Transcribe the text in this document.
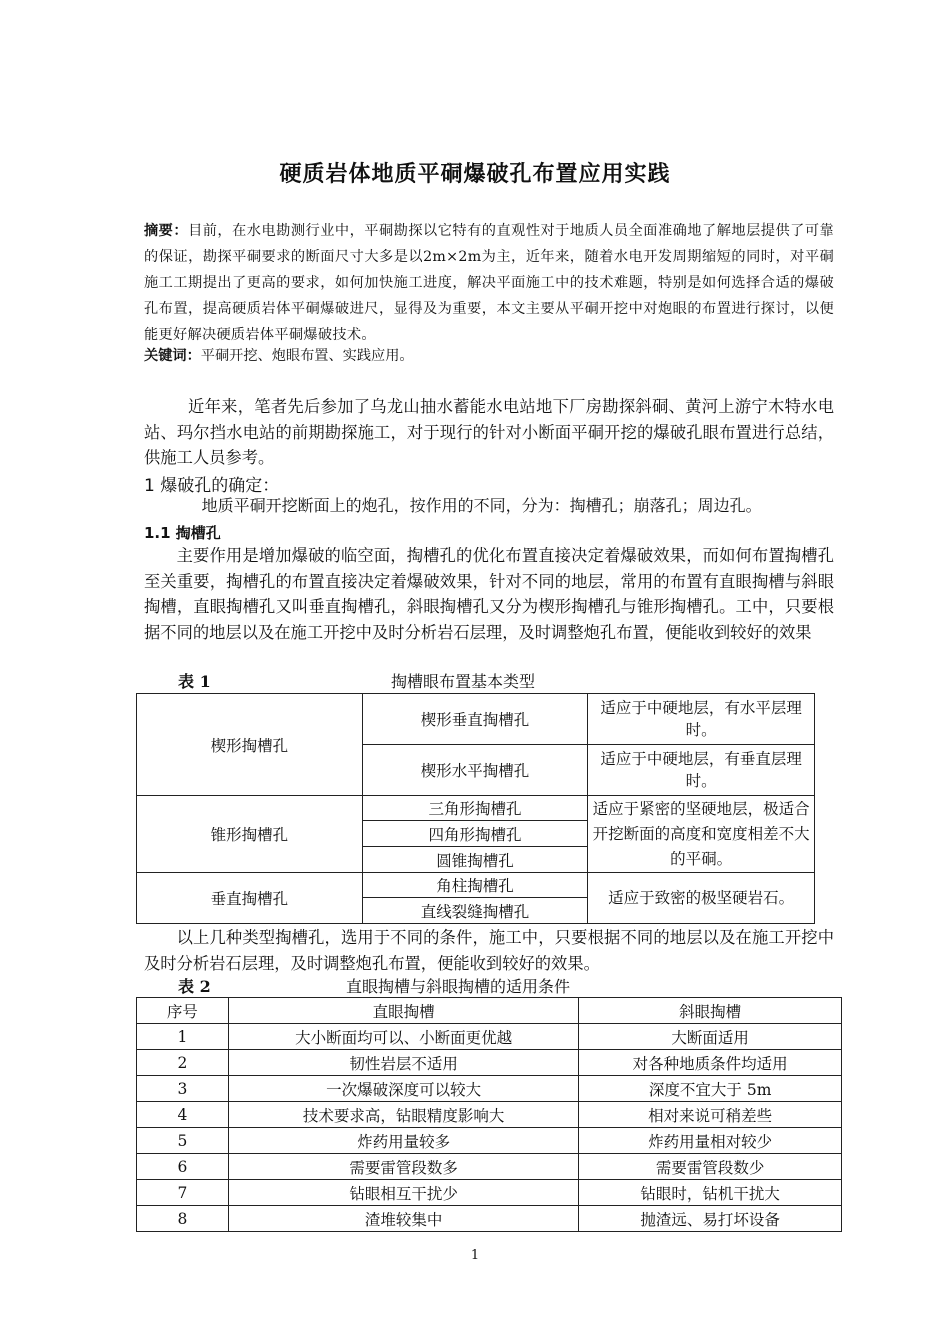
硬质岩体地质平硐爆破孔布置应用实践
摘要：目前，在水电勘测行业中，平硐勘探以它特有的直观性对于地质人员全面准确地了解地层提供了可靠的保证，勘探平硐要求的断面尺寸大多是以2m×2m为主，近年来，随着水电开发周期缩短的同时，对平硐施工工期提出了更高的要求，如何加快施工进度，解决平面施工中的技术难题，特别是如何选择合适的爆破孔布置，提高硬质岩体平硐爆破进尺，显得及为重要，本文主要从平硐开挖中对炮眼的布置进行探讨，以便能更好解决硬质岩体平硐爆破技术。
关键词：平硐开挖、炮眼布置、实践应用。
近年来，笔者先后参加了乌龙山抽水蓄能水电站地下厂房勘探斜硐、黄河上游宁木特水电站、玛尔挡水电站的前期勘探施工，对于现行的针对小断面平硐开挖的爆破孔眼布置进行总结，供施工人员参考。
1 爆破孔的确定：
地质平硐开挖断面上的炮孔，按作用的不同，分为：掏槽孔；崩落孔；周边孔。
1.1 掏槽孔
主要作用是增加爆破的临空面，掏槽孔的优化布置直接决定着爆破效果，而如何布置掏槽孔至关重要，掏槽孔的布置直接决定着爆破效果，针对不同的地层，常用的布置有直眼掏槽与斜眼掏槽，直眼掏槽孔又叫垂直掏槽孔，斜眼掏槽孔又分为楔形掏槽孔与锥形掏槽孔。工中，只要根据不同的地层以及在施工开挖中及时分析岩石层理，及时调整炮孔布置，便能收到较好的效果
表 1	掏槽眼布置基本类型
楔形掏槽孔	楔形垂直掏槽孔	适应于中硬地层，有水平层理时。
	楔形水平掏槽孔	适应于中硬地层，有垂直层理时。
锥形掏槽孔	三角形掏槽孔	适应于紧密的坚硬地层，极适合开挖断面的高度和宽度相差不大的平硐。
	四角形掏槽孔	
	圆锥掏槽孔	
垂直掏槽孔	角柱掏槽孔	适应于致密的极坚硬岩石。
	直线裂缝掏槽孔	
以上几种类型掏槽孔，选用于不同的条件，施工中，只要根据不同的地层以及在施工开挖中及时分析岩石层理，及时调整炮孔布置，便能收到较好的效果。
表 2	直眼掏槽与斜眼掏槽的适用条件
序号	直眼掏槽	斜眼掏槽
1	大小断面均可以、小断面更优越	大断面适用
2	韧性岩层不适用	对各种地质条件均适用
3	一次爆破深度可以较大	深度不宜大于 5m
4	技术要求高，钻眼精度影响大	相对来说可稍差些
5	炸药用量较多	炸药用量相对较少
6	需要雷管段数多	需要雷管段数少
7	钻眼相互干扰少	钻眼时，钻机干扰大
8	渣堆较集中	抛渣远、易打坏设备
1
